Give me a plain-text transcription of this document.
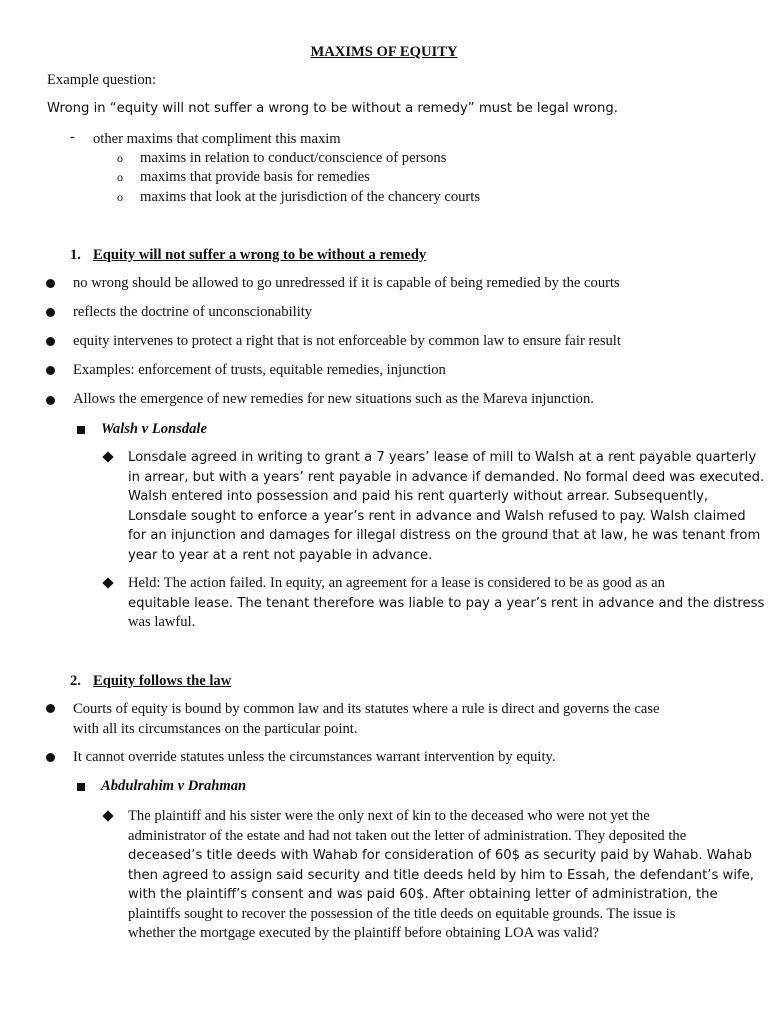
MAXIMS OF EQUITY
Example question:
Wrong in “equity will not suffer a wrong to be without a remedy” must be legal wrong.
- other maxims that compliment this maxim
o maxims in relation to conduct/conscience of persons
o maxims that provide basis for remedies
o maxims that look at the jurisdiction of the chancery courts
1. Equity will not suffer a wrong to be without a remedy
no wrong should be allowed to go unredressed if it is capable of being remedied by the courts
reflects the doctrine of unconscionability
equity intervenes to protect a right that is not enforceable by common law to ensure fair result
Examples: enforcement of trusts, equitable remedies, injunction
Allows the emergence of new remedies for new situations such as the Mareva injunction.
Walsh v Lonsdale
Lonsdale agreed in writing to grant a 7 years’ lease of mill to Walsh at a rent payable quarterly
in arrear, but with a years’ rent payable in advance if demanded. No formal deed was executed.
Walsh entered into possession and paid his rent quarterly without arrear. Subsequently,
Lonsdale sought to enforce a year’s rent in advance and Walsh refused to pay. Walsh claimed
for an injunction and damages for illegal distress on the ground that at law, he was tenant from
year to year at a rent not payable in advance.
Held: The action failed. In equity, an agreement for a lease is considered to be as good as an
equitable lease. The tenant therefore was liable to pay a year’s rent in advance and the distress
was lawful.
2. Equity follows the law
Courts of equity is bound by common law and its statutes where a rule is direct and governs the case
with all its circumstances on the particular point.
It cannot override statutes unless the circumstances warrant intervention by equity.
Abdulrahim v Drahman
The plaintiff and his sister were the only next of kin to the deceased who were not yet the
administrator of the estate and had not taken out the letter of administration. They deposited the
deceased’s title deeds with Wahab for consideration of 60$ as security paid by Wahab. Wahab
then agreed to assign said security and title deeds held by him to Essah, the defendant’s wife,
with the plaintiff’s consent and was paid 60$. After obtaining letter of administration, the
plaintiffs sought to recover the possession of the title deeds on equitable grounds. The issue is
whether the mortgage executed by the plaintiff before obtaining LOA was valid?
